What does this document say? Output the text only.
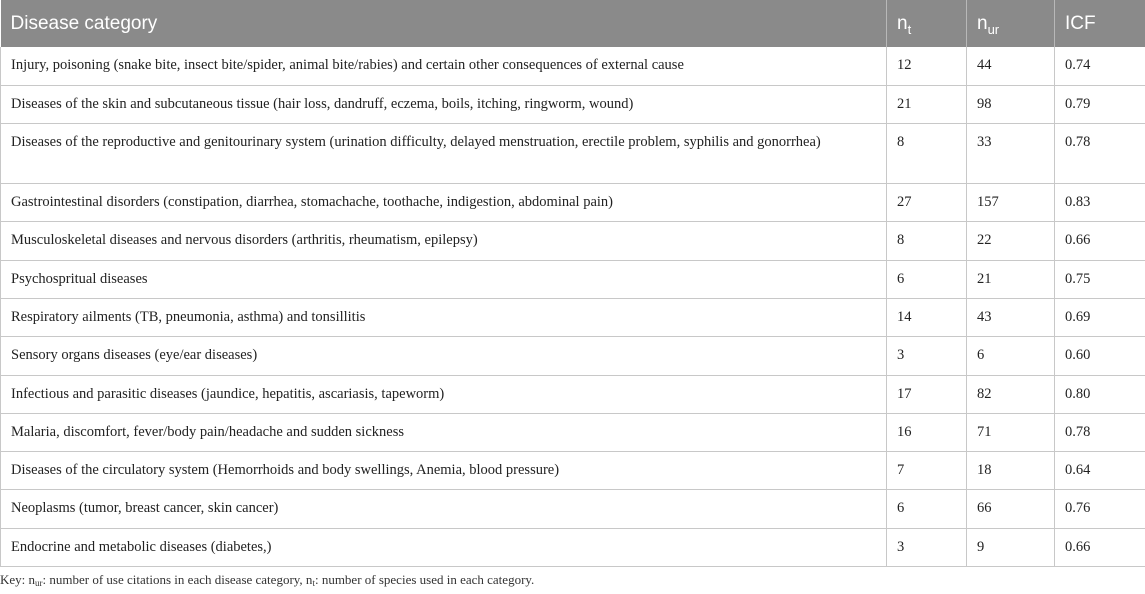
Disease category	$n_t$	$n_{ur}$	ICF
Injury, poisoning (snake bite, insect bite/spider, animal bite/rabies) and certain other consequences of external cause	12	44	0.74
Diseases of the skin and subcutaneous tissue (hair loss, dandruff, eczema, boils, itching, ringworm, wound)	21	98	0.79
Diseases of the reproductive and genitourinary system (urination difficulty, delayed menstruation, erectile problem, syphilis and gonorrhea)	8	33	0.78
Gastrointestinal disorders (constipation, diarrhea, stomachache, toothache, indigestion, abdominal pain)	27	157	0.83
Musculoskeletal diseases and nervous disorders (arthritis, rheumatism, epilepsy)	8	22	0.66
Psychospritual diseases	6	21	0.75
Respiratory ailments (TB, pneumonia, asthma) and tonsillitis	14	43	0.69
Sensory organs diseases (eye/ear diseases)	3	6	0.60
Infectious and parasitic diseases (jaundice, hepatitis, ascariasis, tapeworm)	17	82	0.80
Malaria, discomfort, fever/body pain/headache and sudden sickness	16	71	0.78
Diseases of the circulatory system (Hemorrhoids and body swellings, Anemia, blood pressure)	7	18	0.64
Neoplasms (tumor, breast cancer, skin cancer)	6	66	0.76
Endocrine and metabolic diseases (diabetes,)	3	9	0.66
Key: $n_{ur}$: number of use citations in each disease category, $n_t$: number of species used in each category.
